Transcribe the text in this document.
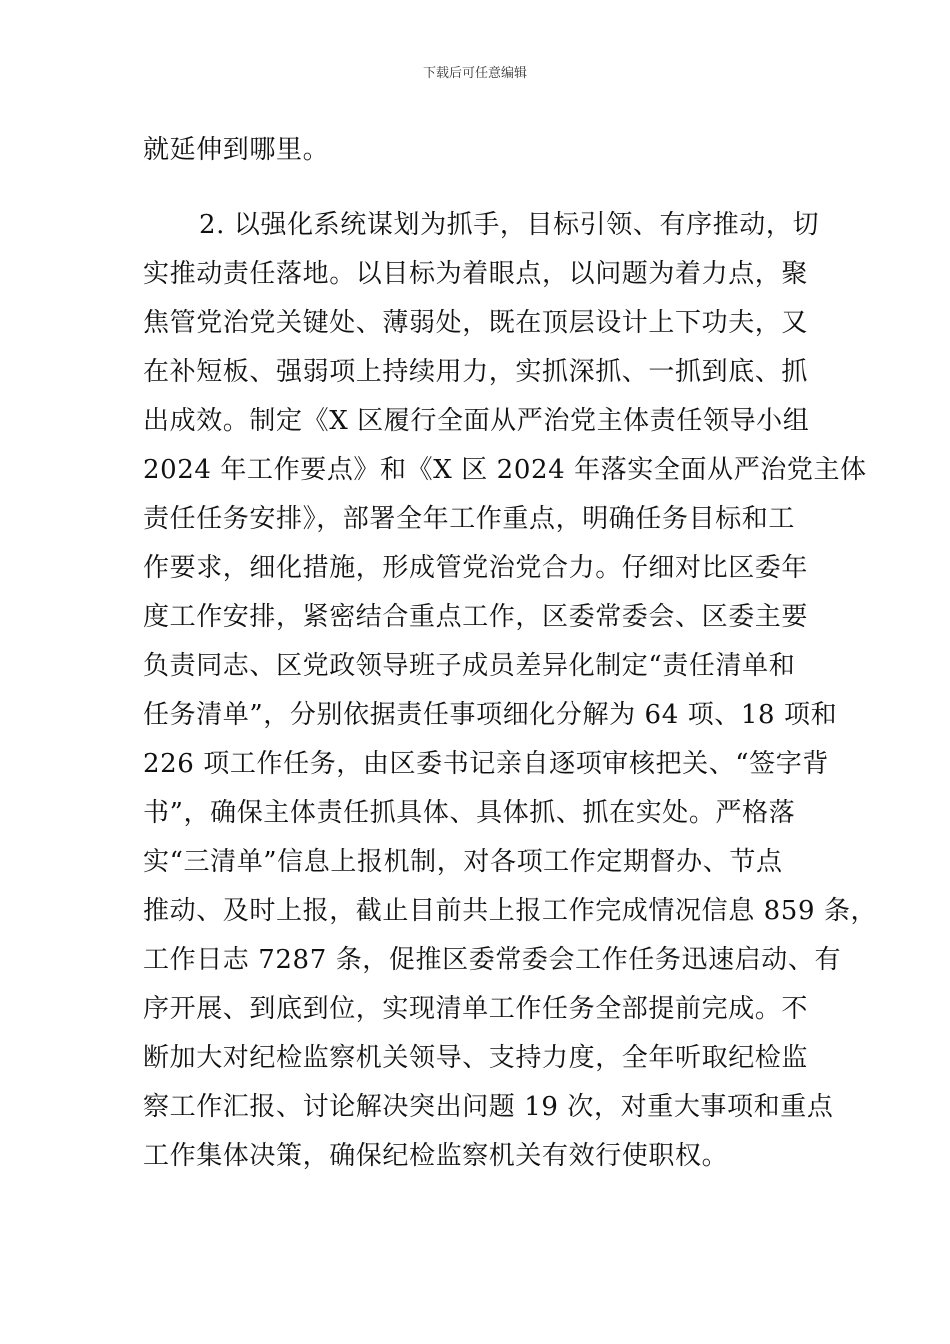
下载后可任意编辑
就延伸到哪里。
2. 以强化系统谋划为抓手，目标引领、有序推动，切
实推动责任落地。以目标为着眼点，以问题为着力点，聚
焦管党治党关键处、薄弱处，既在顶层设计上下功夫，又
在补短板、强弱项上持续用力，实抓深抓、一抓到底、抓
出成效。制定《X 区履行全面从严治党主体责任领导小组
2024 年工作要点》和《X 区 2024 年落实全面从严治党主体
责任任务安排》，部署全年工作重点，明确任务目标和工
作要求，细化措施，形成管党治党合力。仔细对比区委年
度工作安排，紧密结合重点工作，区委常委会、区委主要
负责同志、区党政领导班子成员差异化制定“责任清单和
任务清单”，分别依据责任事项细化分解为 64 项、18 项和
226 项工作任务，由区委书记亲自逐项审核把关、“签字背
书”，确保主体责任抓具体、具体抓、抓在实处。严格落
实“三清单”信息上报机制，对各项工作定期督办、节点
推动、及时上报，截止目前共上报工作完成情况信息 859 条，
工作日志 7287 条，促推区委常委会工作任务迅速启动、有
序开展、到底到位，实现清单工作任务全部提前完成。不
断加大对纪检监察机关领导、支持力度，全年听取纪检监
察工作汇报、讨论解决突出问题 19 次，对重大事项和重点
工作集体决策，确保纪检监察机关有效行使职权。
